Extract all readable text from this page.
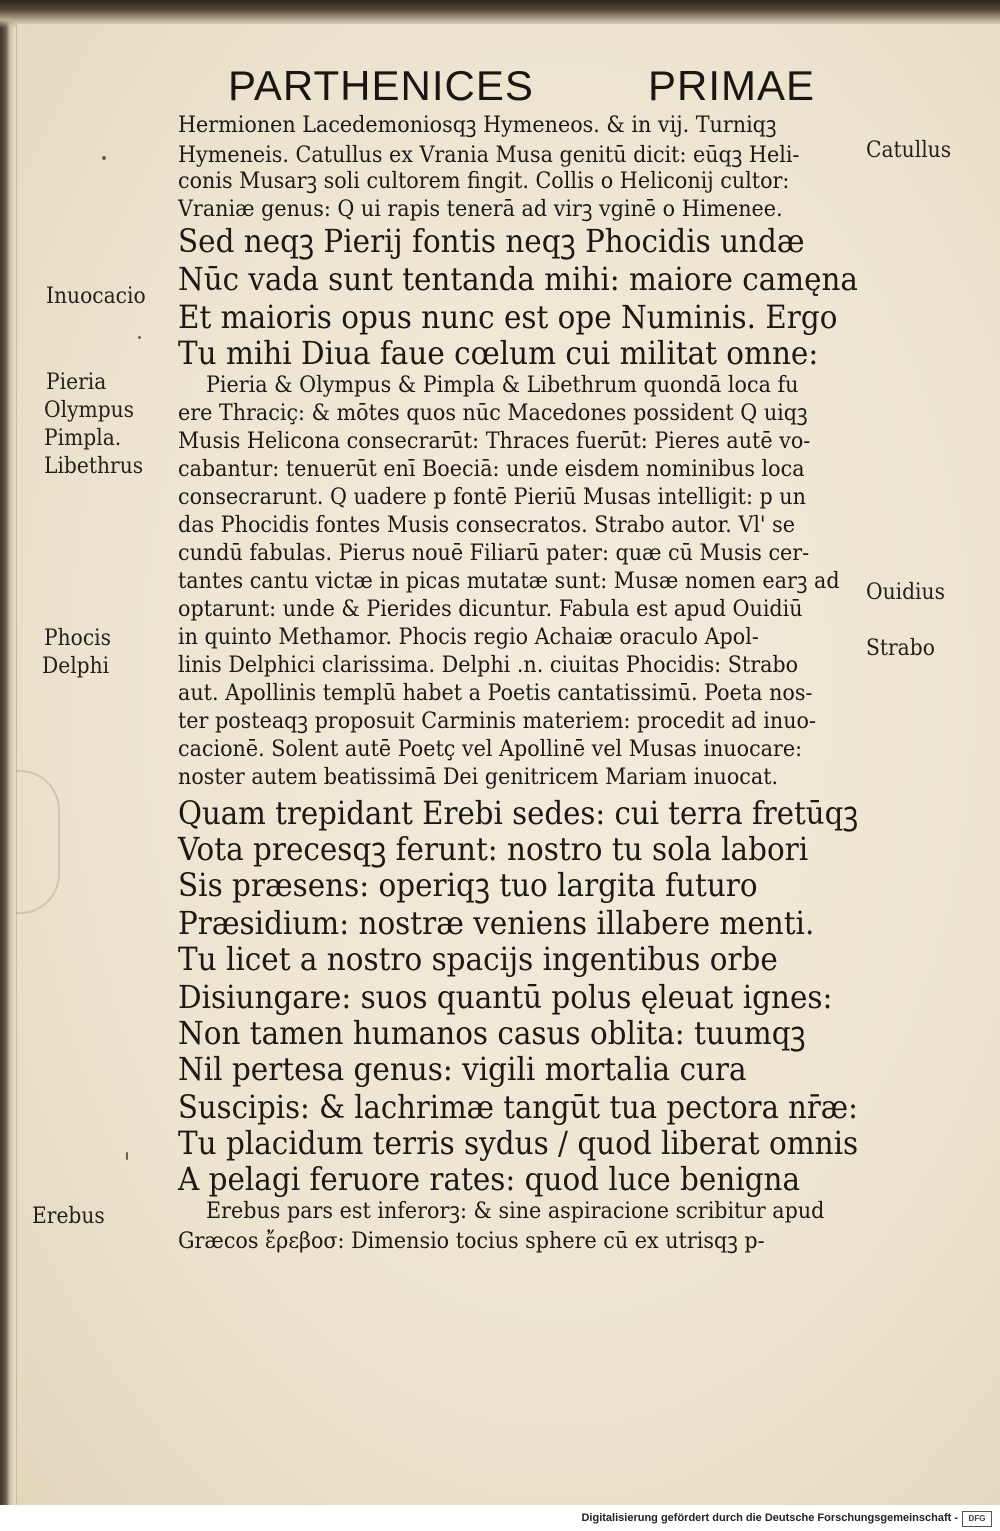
PARTHENICES	PRIMAE
Hermionen Lacedemoniosqꝫ Hymeneos. & in vij. Turniqꝫ
Hymeneis. Catullus ex Vrania Musa genitū dicit: eūqꝫ Heli-
conis Musarꝫ soli cultorem fingit. Collis o Heliconij cultor:
Vraniæ genus: Q ui rapis tenerā ad virꝫ vginē o Himenee.
Sed neqꝫ Pierij fontis neqꝫ Phocidis undæ
Nūc vada sunt tentanda mihi: maiore camęna
Et maioris opus nunc est ope Numinis. Ergo
Tu mihi Diua faue cœlum cui militat omne:
Pieria & Olympus & Pimpla & Libethrum quondā loca fu
ere Thraciç: & mōtes quos nūc Macedones possident Q uiqꝫ
Musis Helicona consecrarūt: Thraces fuerūt: Pieres autē vo-
cabantur: tenuerūt enī Boeciā: unde eisdem nominibus loca
consecrarunt. Q uadere p fontē Pieriū Musas intelligit: p un
das Phocidis fontes Musis consecratos. Strabo autor. Vl' se
cundū fabulas. Pierus nouē Filiarū pater: quæ cū Musis cer-
tantes cantu victæ in picas mutatæ sunt: Musæ nomen earꝫ ad
optarunt: unde & Pierides dicuntur. Fabula est apud Ouidiū
in quinto Methamor. Phocis regio Achaiæ oraculo Apol-
linis Delphici clarissima. Delphi .n. ciuitas Phocidis: Strabo
aut. Apollinis templū habet a Poetis cantatissimū. Poeta nos-
ter posteaqꝫ proposuit Carminis materiem: procedit ad inuo-
cacionē. Solent autē Poetç vel Apollinē vel Musas inuocare:
noster autem beatissimā Dei genitricem Mariam inuocat.
Quam trepidant Erebi sedes: cui terra fretūqꝫ
Vota precesqꝫ ferunt: nostro tu sola labori
Sis præsens: operiqꝫ tuo largita futuro
Præsidium: nostræ veniens illabere menti.
Tu licet a nostro spacijs ingentibus orbe
Disiungare: suos quantū polus ęleuat ignes:
Non tamen humanos casus oblita: tuumqꝫ
Nil pertesa genus: vigili mortalia cura
Suscipis: & lachrimæ tangūt tua pectora nr̄æ:
Tu placidum terris sydus / quod liberat omnis
A pelagi feruore rates: quod luce benigna
Erebus pars est inferorꝫ: & sine aspiracione scribitur apud
Græcos ἔρεβοσ: Dimensio tocius sphere cū ex utrisqꝫ p-
Inuocacio
Pieria
Olympus
Pimpla.
Libethrus
Phocis
Delphi
Erebus
Catullus
Ouidius
Strabo
Digitalisierung gefördert durch die Deutsche Forschungsgemeinschaft -	DFG
